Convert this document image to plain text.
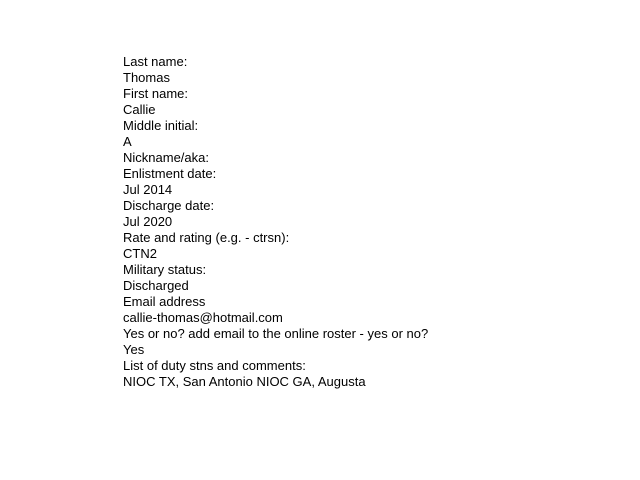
Last name:
Thomas
First name:
Callie
Middle initial:
A
Nickname/aka:
Enlistment date:
Jul 2014
Discharge date:
Jul 2020
Rate and rating (e.g. - ctrsn):
CTN2
Military status:
Discharged
Email address
callie-thomas@hotmail.com
Yes or no? add email to the online roster - yes or no?
Yes
List of duty stns and comments:
NIOC TX, San Antonio NIOC GA, Augusta
